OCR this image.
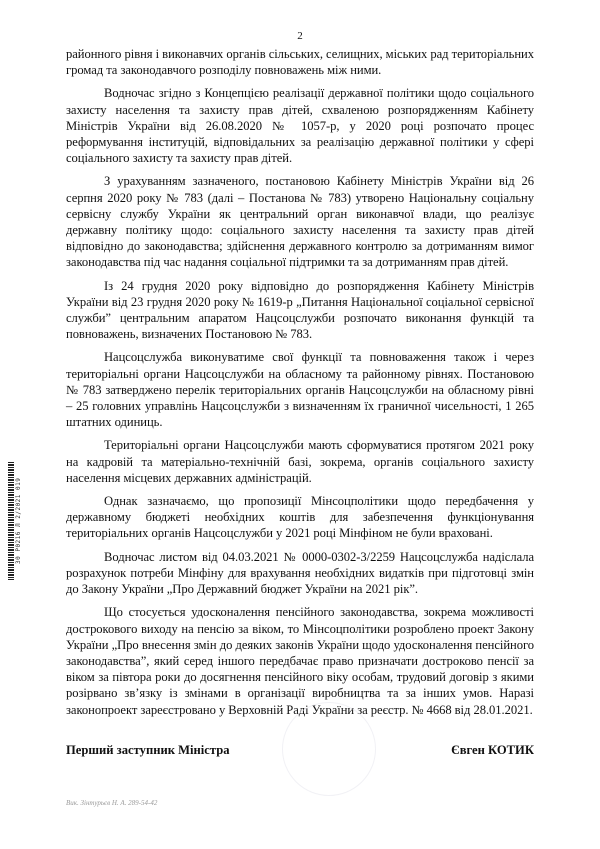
2
30 Р0216 Л 2/2021 019

районного рівня і виконавчих органів сільських, селищних, міських рад територіальних громад та законодавчого розподілу повноважень між ними.

Водночас згідно з Концепцією реалізації державної політики щодо соціального захисту населення та захисту прав дітей, схваленою розпорядженням Кабінету Міністрів України від 26.08.2020 № 1057-р, у 2020 році розпочато процес реформування інституцій, відповідальних за реалізацію державної політики у сфері соціального захисту та захисту прав дітей.

З урахуванням зазначеного, постановою Кабінету Міністрів України від 26 серпня 2020 року № 783 (далі – Постанова № 783) утворено Національну соціальну сервісну службу України як центральний орган виконавчої влади, що реалізує державну політику щодо: соціального захисту населення та захисту прав дітей відповідно до законодавства; здійснення державного контролю за дотриманням вимог законодавства під час надання соціальної підтримки та за дотриманням прав дітей.

Із 24 грудня 2020 року відповідно до розпорядження Кабінету Міністрів України від 23 грудня 2020 року № 1619-р „Питання Національної соціальної сервісної служби” центральним апаратом Нацсоцслужби розпочато виконання функцій та повноважень, визначених Постановою № 783.

Нацсоцслужба виконуватиме свої функції та повноваження також і через територіальні органи Нацсоцслужби на обласному та районному рівнях. Постановою № 783 затверджено перелік територіальних органів Нацсоцслужби на обласному рівні – 25 головних управлінь Нацсоцслужби з визначенням їх граничної чисельності, 1 265 штатних одиниць.

Територіальні органи Нацсоцслужби мають сформуватися протягом 2021 року на кадровій та матеріально-технічній базі, зокрема, органів соціального захисту населення місцевих державних адміністрацій.

Однак зазначаємо, що пропозиції Мінсоцполітики щодо передбачення у державному бюджеті необхідних коштів для забезпечення функціонування територіальних органів Нацсоцслужби у 2021 році Мінфіном не були враховані.

Водночас листом від 04.03.2021 № 0000-0302-3/2259 Нацсоцслужба надіслала розрахунок потреби Мінфіну для врахування необхідних видатків при підготовці змін до Закону України „Про Державний бюджет України на 2021 рік”.

Що стосується удосконалення пенсійного законодавства, зокрема можливості дострокового виходу на пенсію за віком, то Мінсоцполітики розроблено проект Закону України „Про внесення змін до деяких законів України щодо удосконалення пенсійного законодавства”, який серед іншого передбачає право призначати достроково пенсії за віком за півтора роки до досягнення пенсійного віку особам, трудовий договір з якими розірвано зв’язку із змінами в організації виробництва та за інших умов. Наразі законопроект зареєстровано у Верховній Раді України за реєстр. № 4668 від 28.01.2021.

Перший заступник Міністра	Євген КОТИК
Вик. Зінтурьєв Н. А. 289-54-42
